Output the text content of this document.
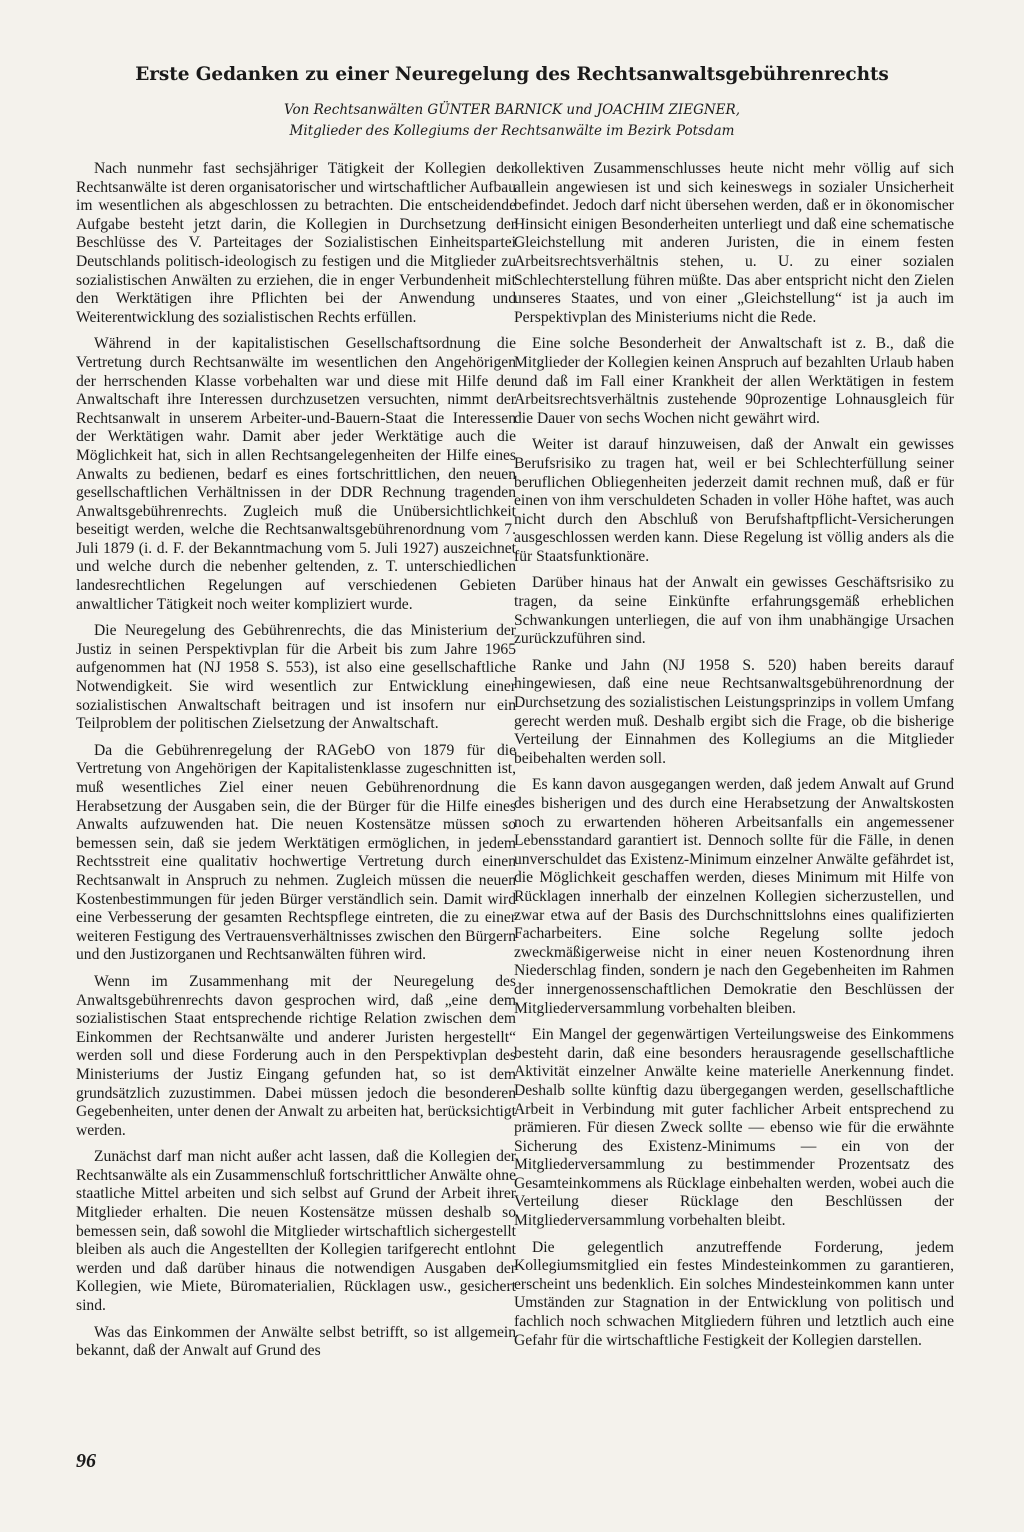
Erste Gedanken zu einer Neuregelung des Rechtsanwaltsgebührenrechts
Von Rechtsanwälten GÜNTER BARNICK und JOACHIM ZIEGNER,
Mitglieder des Kollegiums der Rechtsanwälte im Bezirk Potsdam

Nach nunmehr fast sechsjähriger Tätigkeit der Kollegien der Rechtsanwälte ist deren organisatorischer und wirtschaftlicher Aufbau im wesentlichen als abgeschlossen zu betrachten. Die entscheidende Aufgabe besteht jetzt darin, die Kollegien in Durchsetzung der Beschlüsse des V. Parteitages der Sozialistischen Einheitspartei Deutschlands politisch-ideologisch zu festigen und die Mitglieder zu sozialistischen Anwälten zu erziehen, die in enger Verbundenheit mit den Werktätigen ihre Pflichten bei der Anwendung und Weiterentwicklung des sozialistischen Rechts erfüllen.

Während in der kapitalistischen Gesellschaftsordnung die Vertretung durch Rechtsanwälte im wesentlichen den Angehörigen der herrschenden Klasse vorbehalten war und diese mit Hilfe der Anwaltschaft ihre Interessen durchzusetzen versuchten, nimmt der Rechtsanwalt in unserem Arbeiter-und-Bauern-Staat die Interessen der Werktätigen wahr. Damit aber jeder Werktätige auch die Möglichkeit hat, sich in allen Rechtsangelegenheiten der Hilfe eines Anwalts zu bedienen, bedarf es eines fortschrittlichen, den neuen gesellschaftlichen Verhältnissen in der DDR Rechnung tragenden Anwaltsgebührenrechts. Zugleich muß die Unübersichtlichkeit beseitigt werden, welche die Rechtsanwaltsgebührenordnung vom 7. Juli 1879 (i. d. F. der Bekanntmachung vom 5. Juli 1927) auszeichnet und welche durch die nebenher geltenden, z. T. unterschiedlichen landesrechtlichen Regelungen auf verschiedenen Gebieten anwaltlicher Tätigkeit noch weiter kompliziert wurde.

Die Neuregelung des Gebührenrechts, die das Ministerium der Justiz in seinen Perspektivplan für die Arbeit bis zum Jahre 1965 aufgenommen hat (NJ 1958 S. 553), ist also eine gesellschaftliche Notwendigkeit. Sie wird wesentlich zur Entwicklung einer sozialistischen Anwaltschaft beitragen und ist insofern nur ein Teilproblem der politischen Zielsetzung der Anwaltschaft.

Da die Gebührenregelung der RAGebO von 1879 für die Vertretung von Angehörigen der Kapitalistenklasse zugeschnitten ist, muß wesentliches Ziel einer neuen Gebührenordnung die Herabsetzung der Ausgaben sein, die der Bürger für die Hilfe eines Anwalts aufzuwenden hat. Die neuen Kostensätze müssen so bemessen sein, daß sie jedem Werktätigen ermöglichen, in jedem Rechtsstreit eine qualitativ hochwertige Vertretung durch einen Rechtsanwalt in Anspruch zu nehmen. Zugleich müssen die neuen Kostenbestimmungen für jeden Bürger verständlich sein. Damit wird eine Verbesserung der gesamten Rechtspflege eintreten, die zu einer weiteren Festigung des Vertrauensverhältnisses zwischen den Bürgern und den Justizorganen und Rechtsanwälten führen wird.

Wenn im Zusammenhang mit der Neuregelung des Anwaltsgebührenrechts davon gesprochen wird, daß „eine dem sozialistischen Staat entsprechende richtige Relation zwischen dem Einkommen der Rechtsanwälte und anderer Juristen hergestellt“ werden soll und diese Forderung auch in den Perspektivplan des Ministeriums der Justiz Eingang gefunden hat, so ist dem grundsätzlich zuzustimmen. Dabei müssen jedoch die besonderen Gegebenheiten, unter denen der Anwalt zu arbeiten hat, berücksichtigt werden.

Zunächst darf man nicht außer acht lassen, daß die Kollegien der Rechtsanwälte als ein Zusammenschluß fortschrittlicher Anwälte ohne staatliche Mittel arbeiten und sich selbst auf Grund der Arbeit ihrer Mitglieder erhalten. Die neuen Kostensätze müssen deshalb so bemessen sein, daß sowohl die Mitglieder wirtschaftlich sichergestellt bleiben als auch die Angestellten der Kollegien tarifgerecht entlohnt werden und daß darüber hinaus die notwendigen Ausgaben der Kollegien, wie Miete, Büromaterialien, Rücklagen usw., gesichert sind.

Was das Einkommen der Anwälte selbst betrifft, so ist allgemein bekannt, daß der Anwalt auf Grund des

kollektiven Zusammenschlusses heute nicht mehr völlig auf sich allein angewiesen ist und sich keineswegs in sozialer Unsicherheit befindet. Jedoch darf nicht übersehen werden, daß er in ökonomischer Hinsicht einigen Besonderheiten unterliegt und daß eine schematische Gleichstellung mit anderen Juristen, die in einem festen Arbeitsrechtsverhältnis stehen, u. U. zu einer sozialen Schlechterstellung führen müßte. Das aber entspricht nicht den Zielen unseres Staates, und von einer „Gleichstellung“ ist ja auch im Perspektivplan des Ministeriums nicht die Rede.

Eine solche Besonderheit der Anwaltschaft ist z. B., daß die Mitglieder der Kollegien keinen Anspruch auf bezahlten Urlaub haben und daß im Fall einer Krankheit der allen Werktätigen in festem Arbeitsrechtsverhältnis zustehende 90prozentige Lohnausgleich für die Dauer von sechs Wochen nicht gewährt wird.

Weiter ist darauf hinzuweisen, daß der Anwalt ein gewisses Berufsrisiko zu tragen hat, weil er bei Schlechterfüllung seiner beruflichen Obliegenheiten jederzeit damit rechnen muß, daß er für einen von ihm verschuldeten Schaden in voller Höhe haftet, was auch nicht durch den Abschluß von Berufshaftpflicht-Versicherungen ausgeschlossen werden kann. Diese Regelung ist völlig anders als die für Staatsfunktionäre.

Darüber hinaus hat der Anwalt ein gewisses Geschäftsrisiko zu tragen, da seine Einkünfte erfahrungsgemäß erheblichen Schwankungen unterliegen, die auf von ihm unabhängige Ursachen zurückzuführen sind.

Ranke und Jahn (NJ 1958 S. 520) haben bereits darauf hingewiesen, daß eine neue Rechtsanwaltsgebührenordnung der Durchsetzung des sozialistischen Leistungsprinzips in vollem Umfang gerecht werden muß. Deshalb ergibt sich die Frage, ob die bisherige Verteilung der Einnahmen des Kollegiums an die Mitglieder beibehalten werden soll.

Es kann davon ausgegangen werden, daß jedem Anwalt auf Grund des bisherigen und des durch eine Herabsetzung der Anwaltskosten noch zu erwartenden höheren Arbeitsanfalls ein angemessener Lebensstandard garantiert ist. Dennoch sollte für die Fälle, in denen unverschuldet das Existenz-Minimum einzelner Anwälte gefährdet ist, die Möglichkeit geschaffen werden, dieses Minimum mit Hilfe von Rücklagen innerhalb der einzelnen Kollegien sicherzustellen, und zwar etwa auf der Basis des Durchschnittslohns eines qualifizierten Facharbeiters. Eine solche Regelung sollte jedoch zweckmäßigerweise nicht in einer neuen Kostenordnung ihren Niederschlag finden, sondern je nach den Gegebenheiten im Rahmen der innergenossenschaftlichen Demokratie den Beschlüssen der Mitgliederversammlung vorbehalten bleiben.

Ein Mangel der gegenwärtigen Verteilungsweise des Einkommens besteht darin, daß eine besonders herausragende gesellschaftliche Aktivität einzelner Anwälte keine materielle Anerkennung findet. Deshalb sollte künftig dazu übergegangen werden, gesellschaftliche Arbeit in Verbindung mit guter fachlicher Arbeit entsprechend zu prämieren. Für diesen Zweck sollte — ebenso wie für die erwähnte Sicherung des Existenz-Minimums — ein von der Mitgliederversammlung zu bestimmender Prozentsatz des Gesamteinkommens als Rücklage einbehalten werden, wobei auch die Verteilung dieser Rücklage den Beschlüssen der Mitgliederversammlung vorbehalten bleibt.

Die gelegentlich anzutreffende Forderung, jedem Kollegiumsmitglied ein festes Mindesteinkommen zu garantieren, erscheint uns bedenklich. Ein solches Mindesteinkommen kann unter Umständen zur Stagnation in der Entwicklung von politisch und fachlich noch schwachen Mitgliedern führen und letztlich auch eine Gefahr für die wirtschaftliche Festigkeit der Kollegien darstellen.

96
